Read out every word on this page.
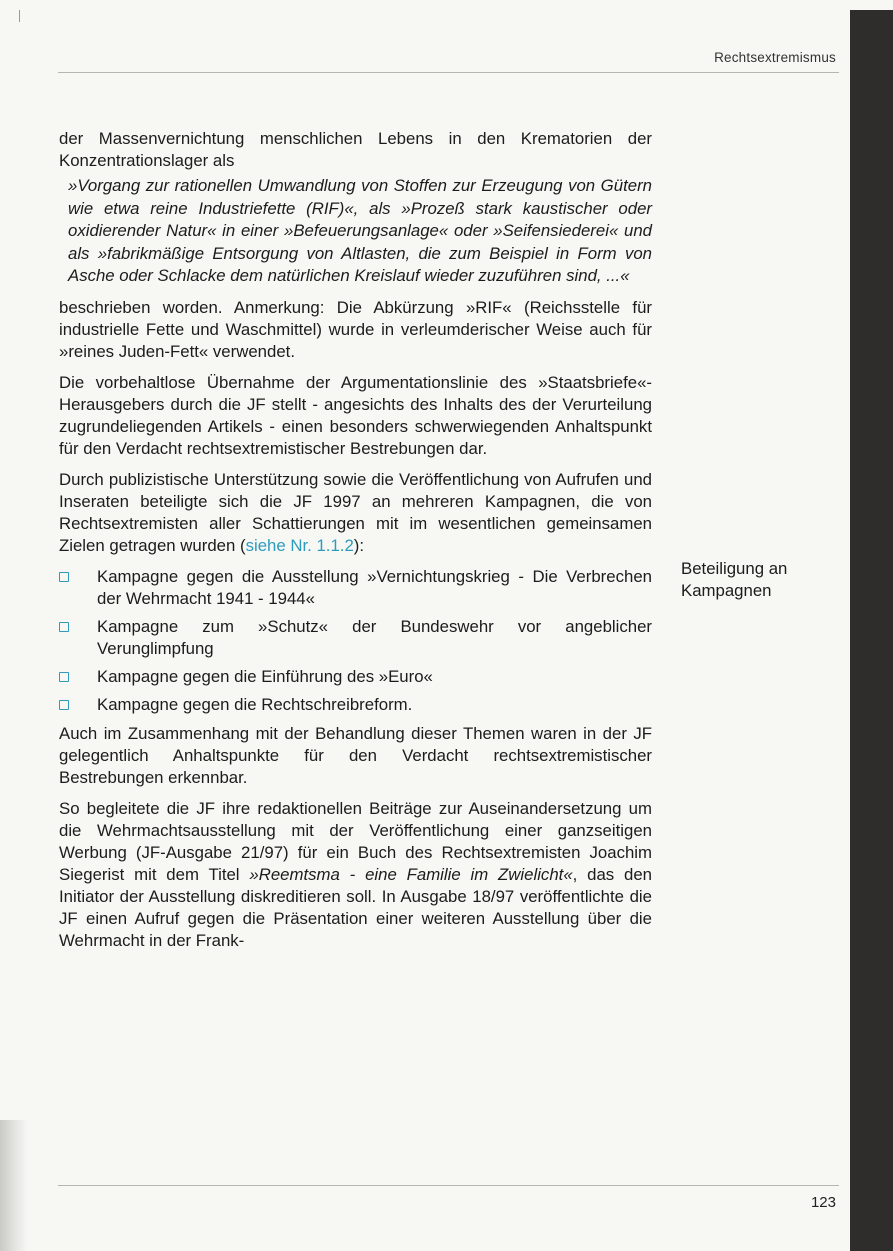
Rechtsextremismus

der Massenvernichtung menschlichen Lebens in den Krematorien der Konzentrationslager als

»Vorgang zur rationellen Umwandlung von Stoffen zur Erzeugung von Gütern wie etwa reine Industriefette (RIF)«, als »Prozeß stark kaustischer oder oxidierender Natur« in einer »Befeuerungsanlage« oder »Seifensiederei« und als »fabrikmäßige Entsorgung von Altlasten, die zum Beispiel in Form von Asche oder Schlacke dem natürlichen Kreislauf wieder zuzuführen sind, ...«

beschrieben worden. Anmerkung: Die Abkürzung »RIF« (Reichsstelle für industrielle Fette und Waschmittel) wurde in verleumderischer Weise auch für »reines Juden-Fett« verwendet.

Die vorbehaltlose Übernahme der Argumentationslinie des »Staatsbriefe«-Herausgebers durch die JF stellt - angesichts des Inhalts des der Verurteilung zugrundeliegenden Artikels - einen besonders schwerwiegenden Anhaltspunkt für den Verdacht rechtsextremistischer Bestrebungen dar.

Durch publizistische Unterstützung sowie die Veröffentlichung von Aufrufen und Inseraten beteiligte sich die JF 1997 an mehreren Kampagnen, die von Rechtsextremisten aller Schattierungen mit im wesentlichen gemeinsamen Zielen getragen wurden (siehe Nr. 1.1.2):

Kampagne gegen die Ausstellung »Vernichtungskrieg - Die Verbrechen der Wehrmacht 1941 - 1944«
Kampagne zum »Schutz« der Bundeswehr vor angeblicher Verunglimpfung
Kampagne gegen die Einführung des »Euro«
Kampagne gegen die Rechtschreibreform.

Auch im Zusammenhang mit der Behandlung dieser Themen waren in der JF gelegentlich Anhaltspunkte für den Verdacht rechtsextremistischer Bestrebungen erkennbar.

So begleitete die JF ihre redaktionellen Beiträge zur Auseinandersetzung um die Wehrmachtsausstellung mit der Veröffentlichung einer ganzseitigen Werbung (JF-Ausgabe 21/97) für ein Buch des Rechtsextremisten Joachim Siegerist mit dem Titel »Reemtsma - eine Familie im Zwielicht«, das den Initiator der Ausstellung diskreditieren soll. In Ausgabe 18/97 veröffentlichte die JF einen Aufruf gegen die Präsentation einer weiteren Ausstellung über die Wehrmacht in der Frank-

Beteiligung an
Kampagnen
123
